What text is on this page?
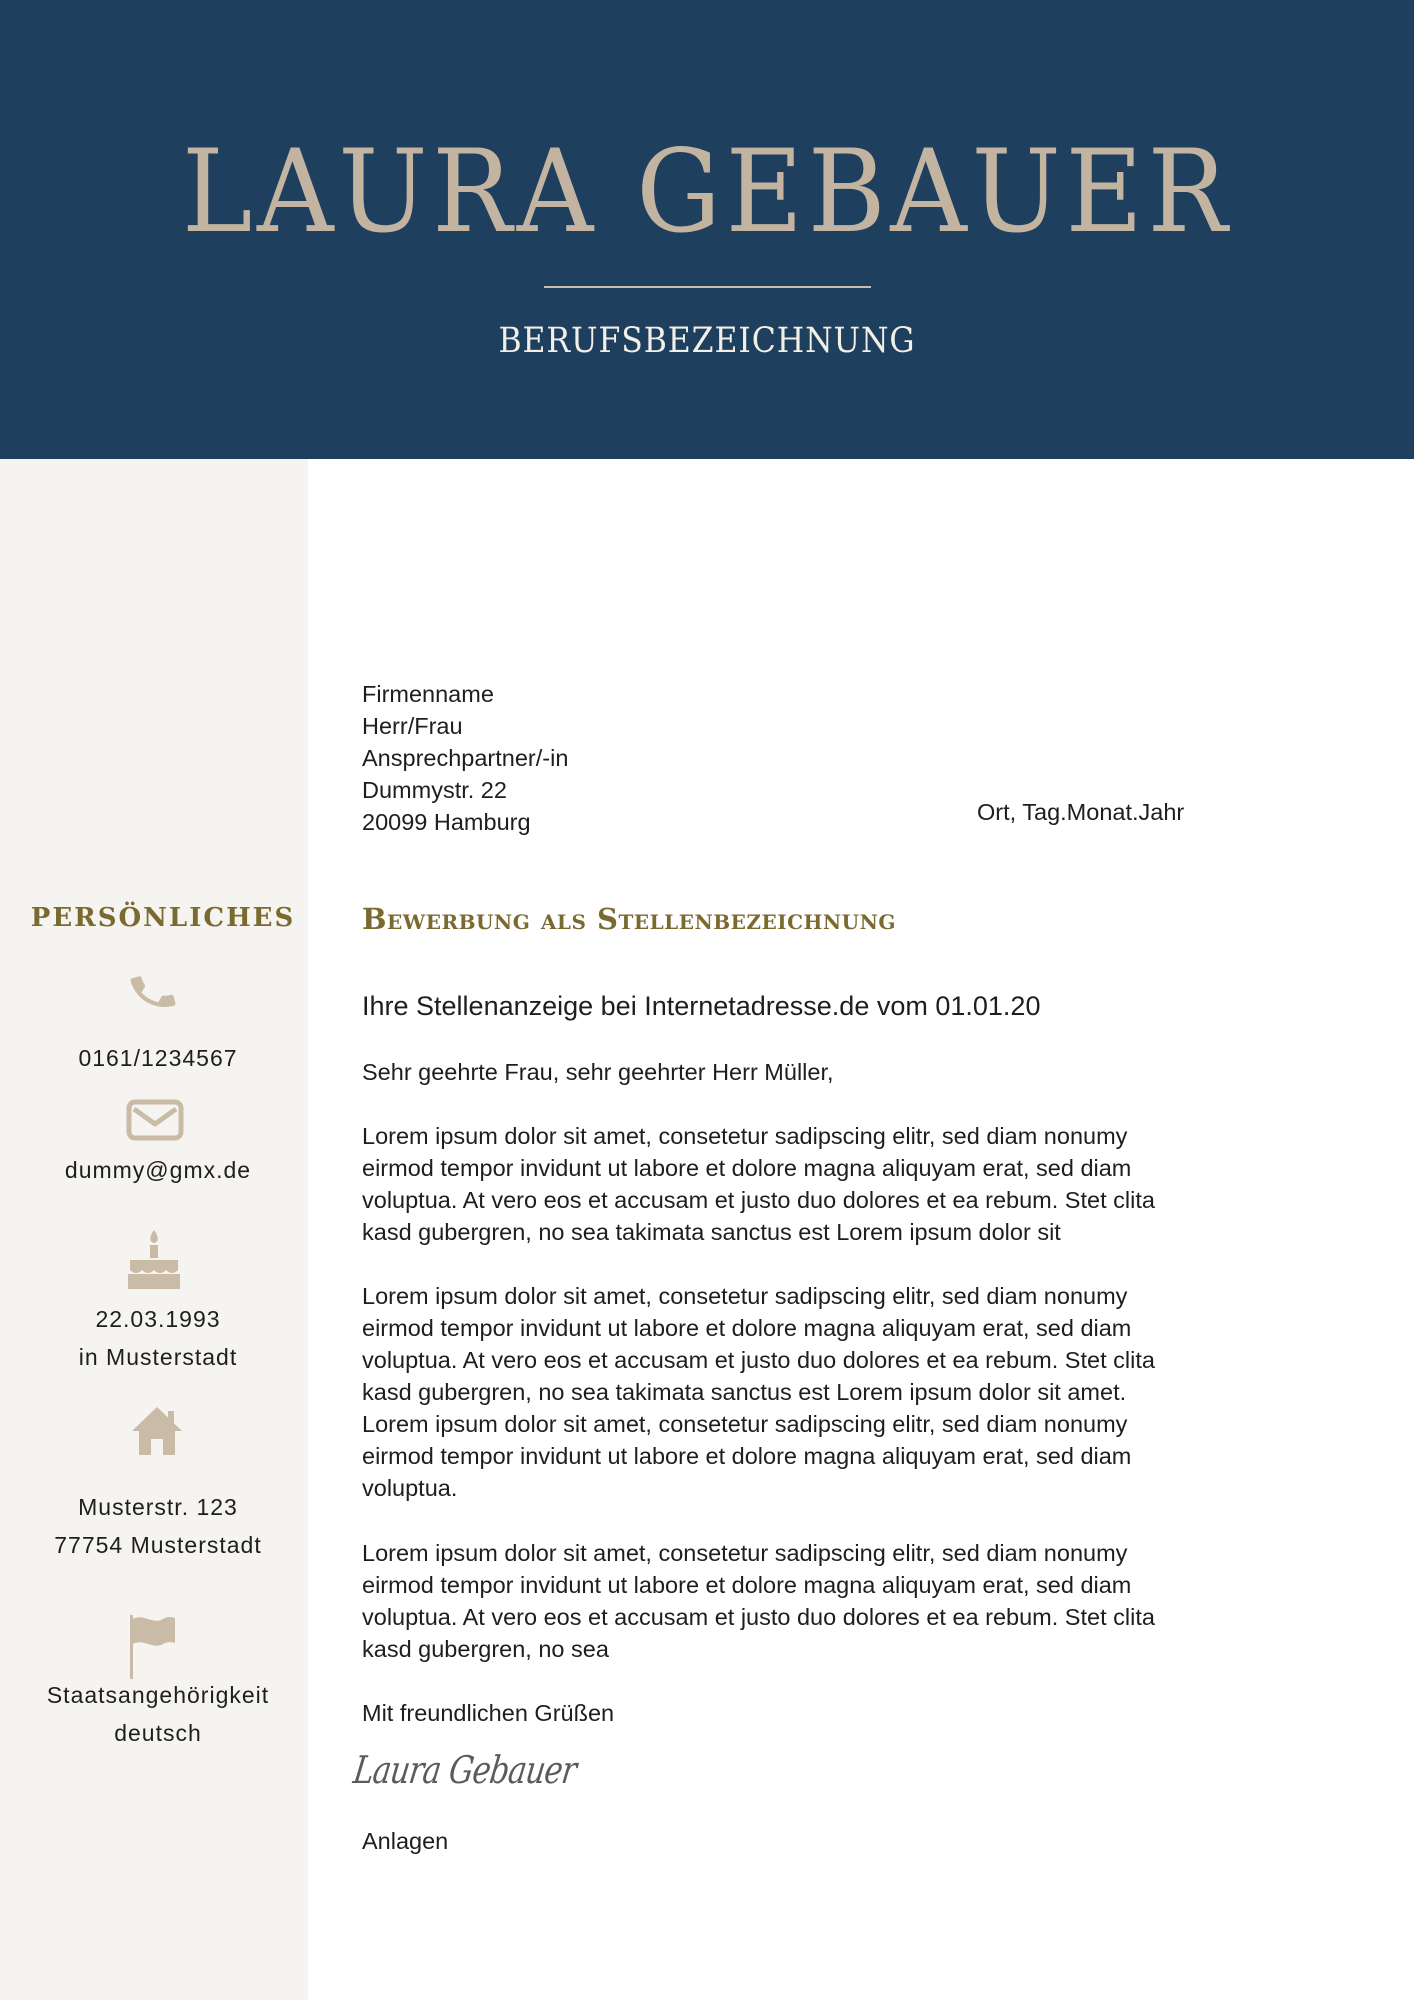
LAURA GEBAUER
BERUFSBEZEICHNUNG
PERSÖNLICHES
0161/1234567
dummy@gmx.de
22.03.1993
in Musterstadt
Musterstr. 123
77754 Musterstadt
Staatsangehörigkeit
deutsch
Firmenname
Herr/Frau
Ansprechpartner/-in
Dummystr. 22
20099 Hamburg	Ort, Tag.Monat.Jahr
Bewerbung als Stellenbezeichnung
Ihre Stellenanzeige bei Internetadresse.de vom 01.01.20
Sehr geehrte Frau, sehr geehrter Herr Müller,
Lorem ipsum dolor sit amet, consetetur sadipscing elitr, sed diam nonumy
eirmod tempor invidunt ut labore et dolore magna aliquyam erat, sed diam
voluptua. At vero eos et accusam et justo duo dolores et ea rebum. Stet clita
kasd gubergren, no sea takimata sanctus est Lorem ipsum dolor sit
Lorem ipsum dolor sit amet, consetetur sadipscing elitr, sed diam nonumy
eirmod tempor invidunt ut labore et dolore magna aliquyam erat, sed diam
voluptua. At vero eos et accusam et justo duo dolores et ea rebum. Stet clita
kasd gubergren, no sea takimata sanctus est Lorem ipsum dolor sit amet.
Lorem ipsum dolor sit amet, consetetur sadipscing elitr, sed diam nonumy
eirmod tempor invidunt ut labore et dolore magna aliquyam erat, sed diam
voluptua.
Lorem ipsum dolor sit amet, consetetur sadipscing elitr, sed diam nonumy
eirmod tempor invidunt ut labore et dolore magna aliquyam erat, sed diam
voluptua. At vero eos et accusam et justo duo dolores et ea rebum. Stet clita
kasd gubergren, no sea
Mit freundlichen Grüßen
Laura Gebauer
Anlagen
